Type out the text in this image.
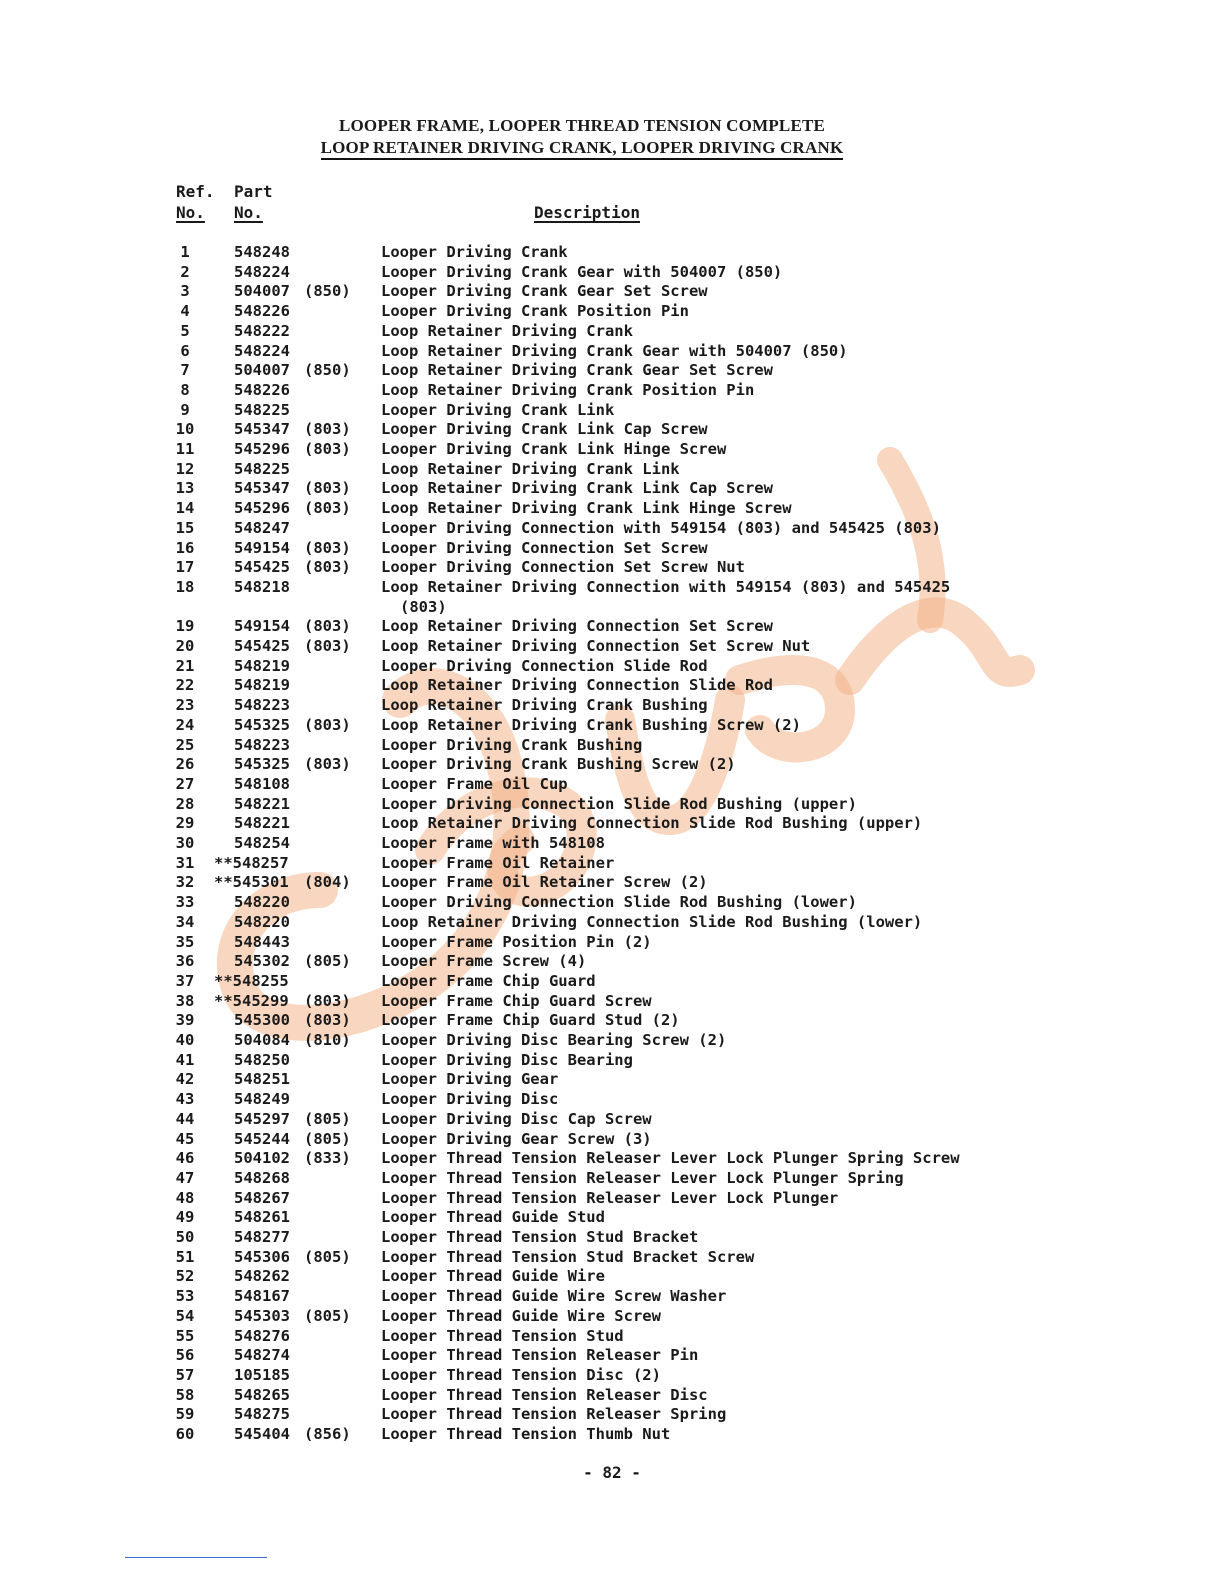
LOOPER FRAME, LOOPER THREAD TENSION COMPLETE
LOOP RETAINER DRIVING CRANK, LOOPER DRIVING CRANK
Ref.
No.
Part
No.	Description
1	548248	Looper Driving Crank
2	548224	Looper Driving Crank Gear with 504007 (850)
3	504007 (850) Looper Driving Crank Gear Set Screw
4	548226	Looper Driving Crank Position Pin
5	548222	Loop Retainer Driving Crank
6	548224	Loop Retainer Driving Crank Gear with 504007 (850)
7	504007 (850) Loop Retainer Driving Crank Gear Set Screw
8	548226	Loop Retainer Driving Crank Position Pin
9	548225	Looper Driving Crank Link
10	545347 (803) Looper Driving Crank Link Cap Screw
11	545296 (803) Looper Driving Crank Link Hinge Screw
12	548225	Loop Retainer Driving Crank Link
13	545347 (803) Loop Retainer Driving Crank Link Cap Screw
14	545296 (803) Loop Retainer Driving Crank Link Hinge Screw
15	548247	Looper Driving Connection with 549154 (803) and 545425 (803)
16	549154 (803) Looper Driving Connection Set Screw
17	545425 (803) Looper Driving Connection Set Screw Nut
18	548218	Loop Retainer Driving Connection with 549154 (803) and 545425
(803)
19	549154 (803) Loop Retainer Driving Connection Set Screw
20	545425 (803) Loop Retainer Driving Connection Set Screw Nut
21	548219	Looper Driving Connection Slide Rod
22	548219	Loop Retainer Driving Connection Slide Rod
23	548223	Loop Retainer Driving Crank Bushing
24	545325 (803) Loop Retainer Driving Crank Bushing Screw (2)
25	548223	Looper Driving Crank Bushing
26	545325 (803) Looper Driving Crank Bushing Screw (2)
27	548108	Looper Frame Oil Cup
28	548221	Looper Driving Connection Slide Rod Bushing (upper)
29	548221	Loop Retainer Driving Connection Slide Rod Bushing (upper)
30	548254	Looper Frame with 548108
31	**548257	Looper Frame Oil Retainer
32	**545301 (804) Looper Frame Oil Retainer Screw (2)
33	548220	Looper Driving Connection Slide Rod Bushing (lower)
34	548220	Loop Retainer Driving Connection Slide Rod Bushing (lower)
35	548443	Looper Frame Position Pin (2)
36	545302 (805) Looper Frame Screw (4)
37	**548255	Looper Frame Chip Guard
38	**545299 (803) Looper Frame Chip Guard Screw
39	545300 (803) Looper Frame Chip Guard Stud (2)
40	504084 (810) Looper Driving Disc Bearing Screw (2)
41	548250	Looper Driving Disc Bearing
42	548251	Looper Driving Gear
43	548249	Looper Driving Disc
44	545297 (805) Looper Driving Disc Cap Screw
45	545244 (805) Looper Driving Gear Screw (3)
46	504102 (833) Looper Thread Tension Releaser Lever Lock Plunger Spring Screw
47	548268	Looper Thread Tension Releaser Lever Lock Plunger Spring
48	548267	Looper Thread Tension Releaser Lever Lock Plunger
49	548261	Looper Thread Guide Stud
50	548277	Looper Thread Tension Stud Bracket
51	545306 (805) Looper Thread Tension Stud Bracket Screw
52	548262	Looper Thread Guide Wire
53	548167	Looper Thread Guide Wire Screw Washer
54	545303 (805) Looper Thread Guide Wire Screw
55	548276	Looper Thread Tension Stud
56	548274	Looper Thread Tension Releaser Pin
57	105185	Looper Thread Tension Disc (2)
58	548265	Looper Thread Tension Releaser Disc
59	548275	Looper Thread Tension Releaser Spring
60	545404 (856) Looper Thread Tension Thumb Nut
- 82 -
